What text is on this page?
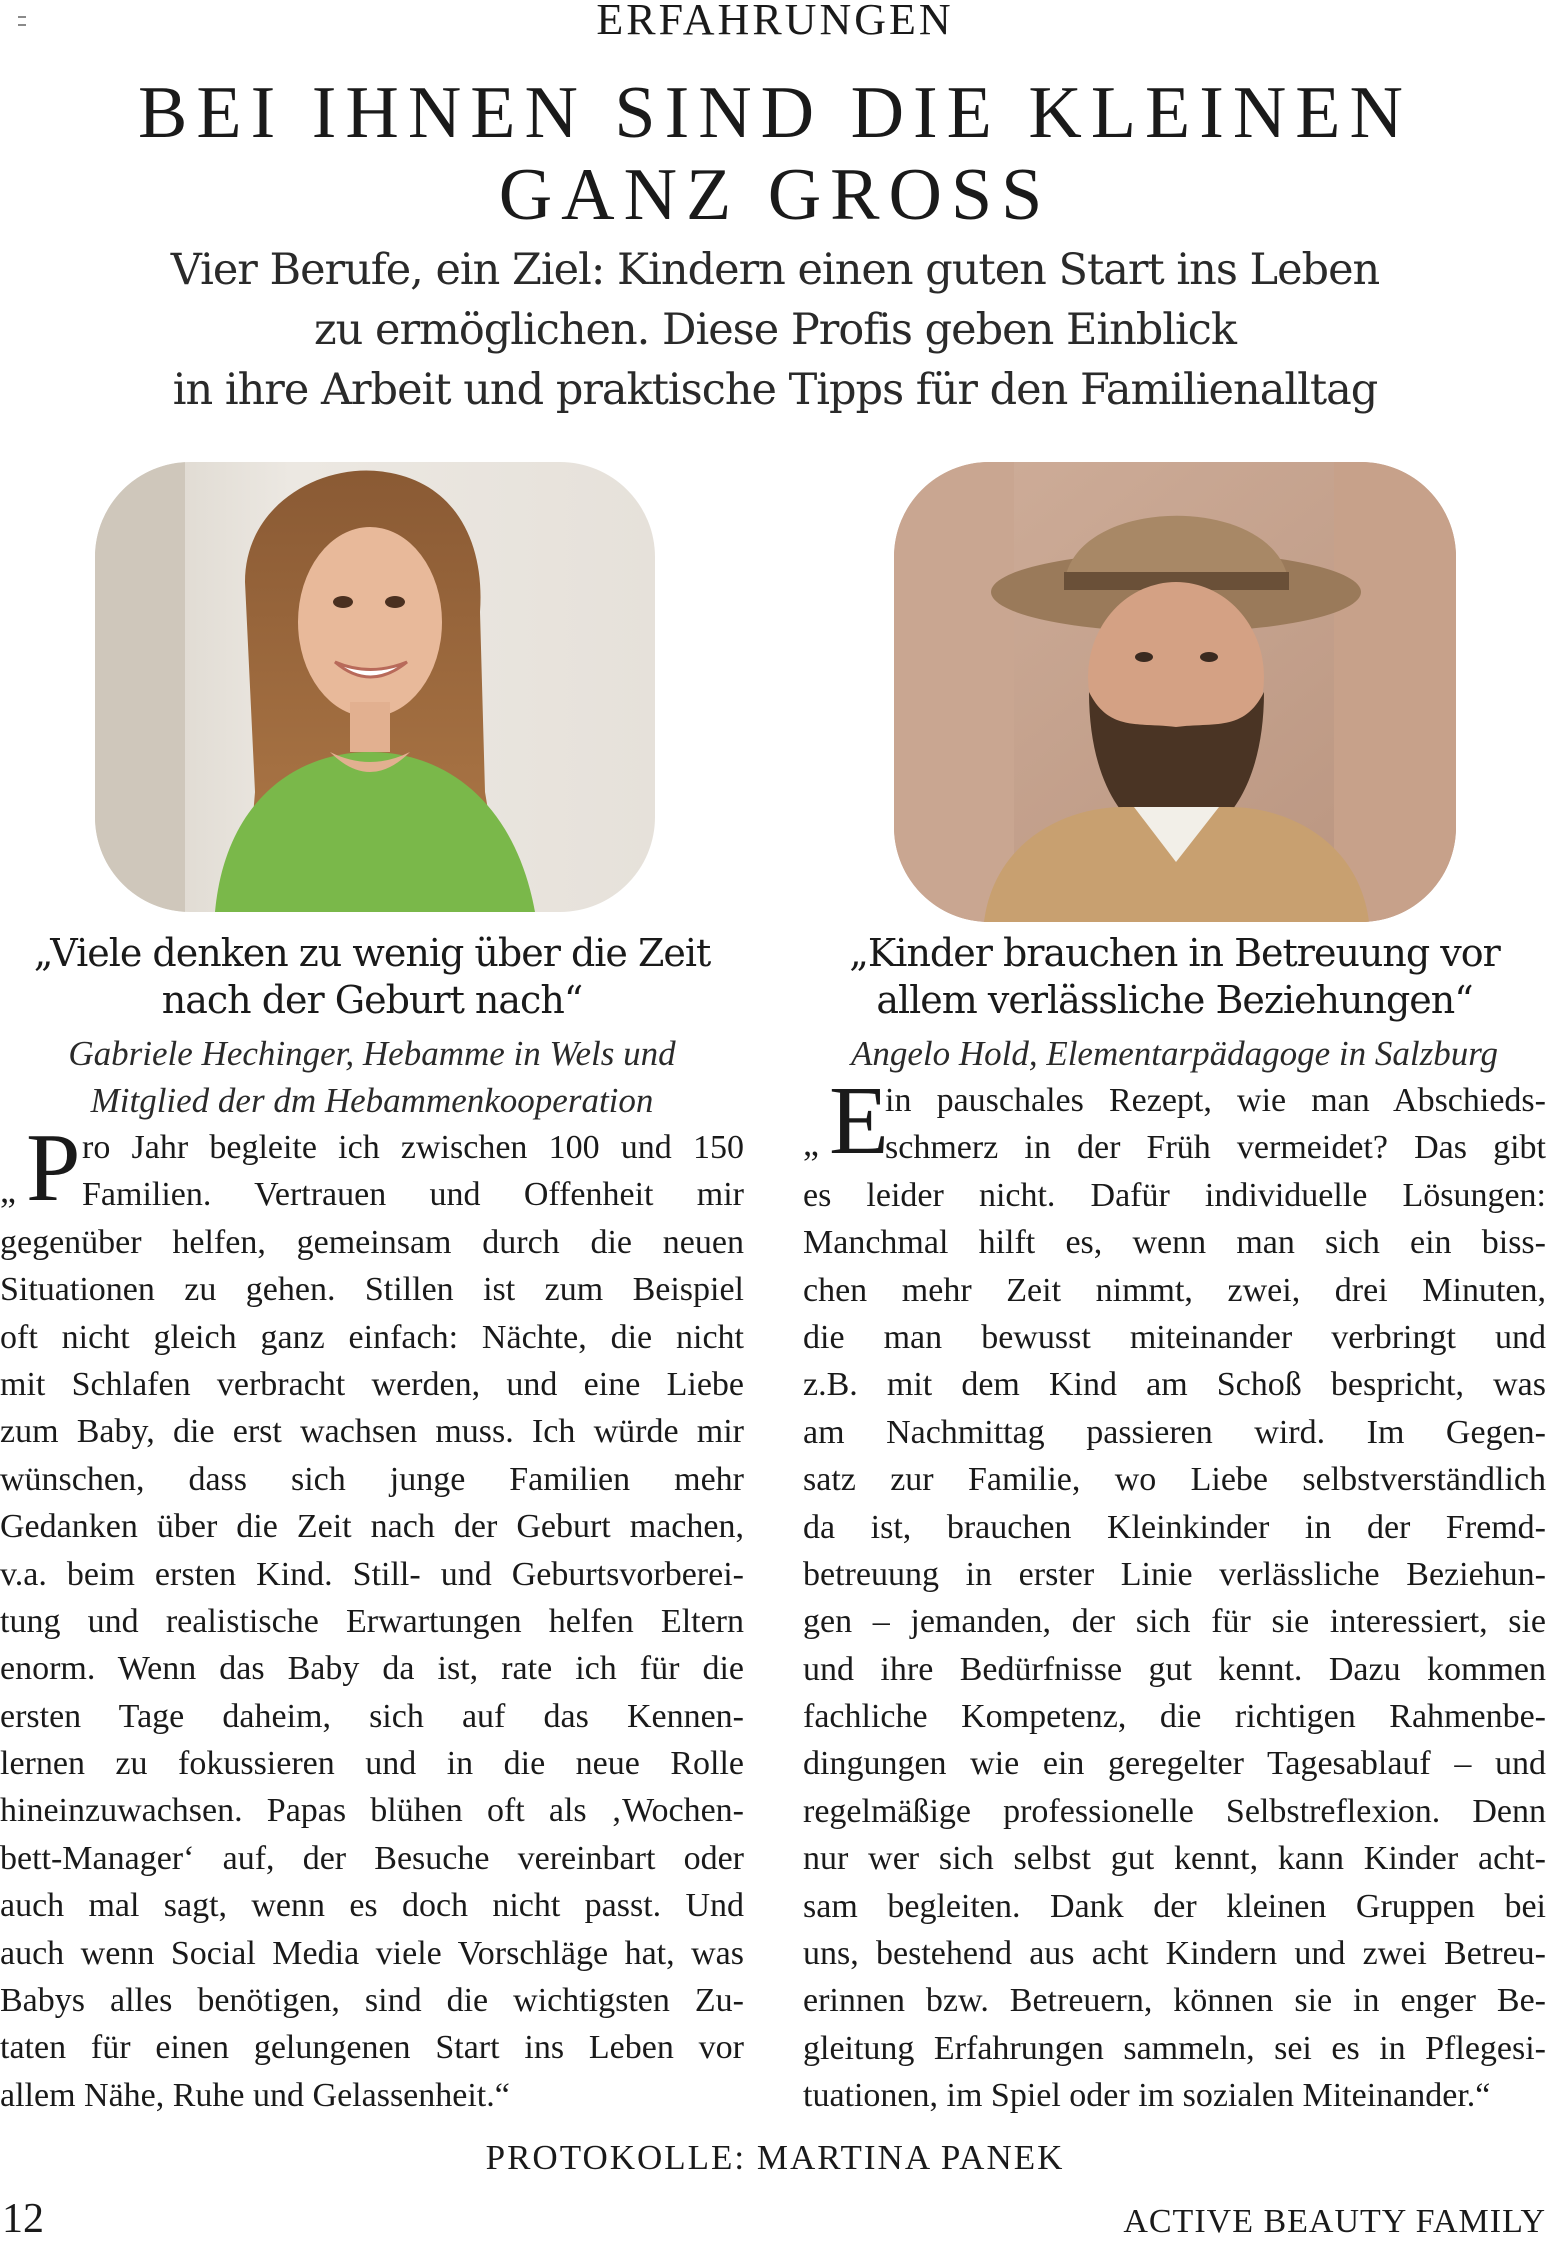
ERFAHRUNGEN
BEI IHNEN SIND DIE KLEINEN
GANZ GROSS
Vier Berufe, ein Ziel: Kindern einen guten Start ins Leben
zu ermöglichen. Diese Profis geben Einblick
in ihre Arbeit und praktische Tipps für den Familienalltag
„Viele denken zu wenig über die Zeit
nach der Geburt nach“
Gabriele Hechinger, Hebamme in Wels und
Mitglied der dm Hebammenkooperation
P
„
ro Jahr begleite ich zwischen 100 und 150
Familien. Vertrauen und Offenheit mir
gegenüber helfen, gemeinsam durch die neuen
Situationen zu gehen. Stillen ist zum Beispiel
oft nicht gleich ganz einfach: Nächte, die nicht
mit Schlafen verbracht werden, und eine Liebe
zum Baby, die erst wachsen muss. Ich würde mir
wünschen, dass sich junge Familien mehr
Gedanken über die Zeit nach der Geburt machen,
v.a. beim ersten Kind. Still- und Geburtsvorberei-
tung und realistische Erwartungen helfen Eltern
enorm. Wenn das Baby da ist, rate ich für die
ersten Tage daheim, sich auf das Kennen-
lernen zu fokussieren und in die neue Rolle
hineinzuwachsen. Papas blühen oft als ‚Wochen-
bett-Manager‘ auf, der Besuche vereinbart oder
auch mal sagt, wenn es doch nicht passt. Und
auch wenn Social Media viele Vorschläge hat, was
Babys alles benötigen, sind die wichtigsten Zu-
taten für einen gelungenen Start ins Leben vor
allem Nähe, Ruhe und Gelassenheit.“
„Kinder brauchen in Betreuung vor
allem verlässliche Beziehungen“
Angelo Hold, Elementarpädagoge in Salzburg
E
„
in pauschales Rezept, wie man Abschieds-
schmerz in der Früh vermeidet? Das gibt
es leider nicht. Dafür individuelle Lösungen:
Manchmal hilft es, wenn man sich ein biss-
chen mehr Zeit nimmt, zwei, drei Minuten,
die man bewusst miteinander verbringt und
z.B. mit dem Kind am Schoß bespricht, was
am Nachmittag passieren wird. Im Gegen-
satz zur Familie, wo Liebe selbstverständlich
da ist, brauchen Kleinkinder in der Fremd-
betreuung in erster Linie verlässliche Beziehun-
gen – jemanden, der sich für sie interessiert, sie
und ihre Bedürfnisse gut kennt. Dazu kommen
fachliche Kompetenz, die richtigen Rahmenbe-
dingungen wie ein geregelter Tagesablauf – und
regelmäßige professionelle Selbstreflexion. Denn
nur wer sich selbst gut kennt, kann Kinder acht-
sam begleiten. Dank der kleinen Gruppen bei
uns, bestehend aus acht Kindern und zwei Betreu-
erinnen bzw. Betreuern, können sie in enger Be-
gleitung Erfahrungen sammeln, sei es in Pflegesi-
tuationen, im Spiel oder im sozialen Miteinander.“
PROTOKOLLE: MARTINA PANEK
12	ACTIVE BEAUTY FAMILY
